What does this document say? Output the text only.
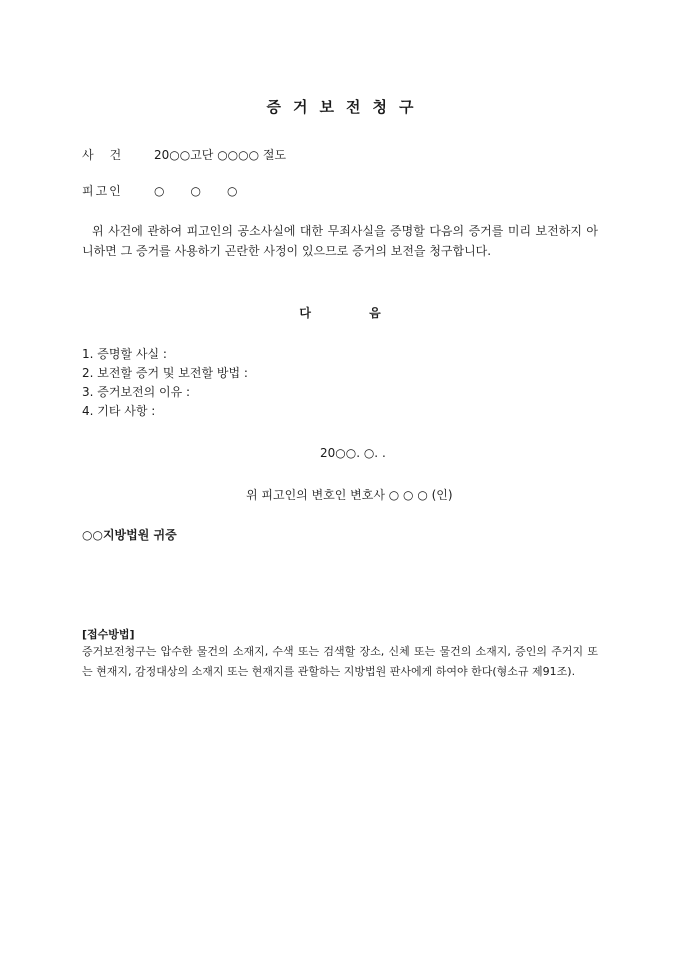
증거보전청구
사건 20○○고단 ○○○○ 절도
피고인	○○○
위 사건에 관하여 피고인의 공소사실에 대한 무죄사실을 증명할 다음의 증거를 미리 보전하지 아니하면 그 증거를 사용하기 곤란한 사정이 있으므로 증거의 보전을 청구합니다.
다 음
1. 증명할 사실 :
2. 보전할 증거 및 보전할 방법 :
3. 증거보전의 이유 :
4. 기타 사항 :
20○○. ○. .
위 피고인의 변호인 변호사 ○ ○ ○ (인)
○○지방법원 귀중
[접수방법]
증거보전청구는 압수한 물건의 소재지, 수색 또는 검색할 장소, 신체 또는 물건의 소재지, 증인의 주거지 또는 현재지, 감정대상의 소재지 또는 현재지를 관할하는 지방법원 판사에게 하여야 한다(형소규 제91조).
